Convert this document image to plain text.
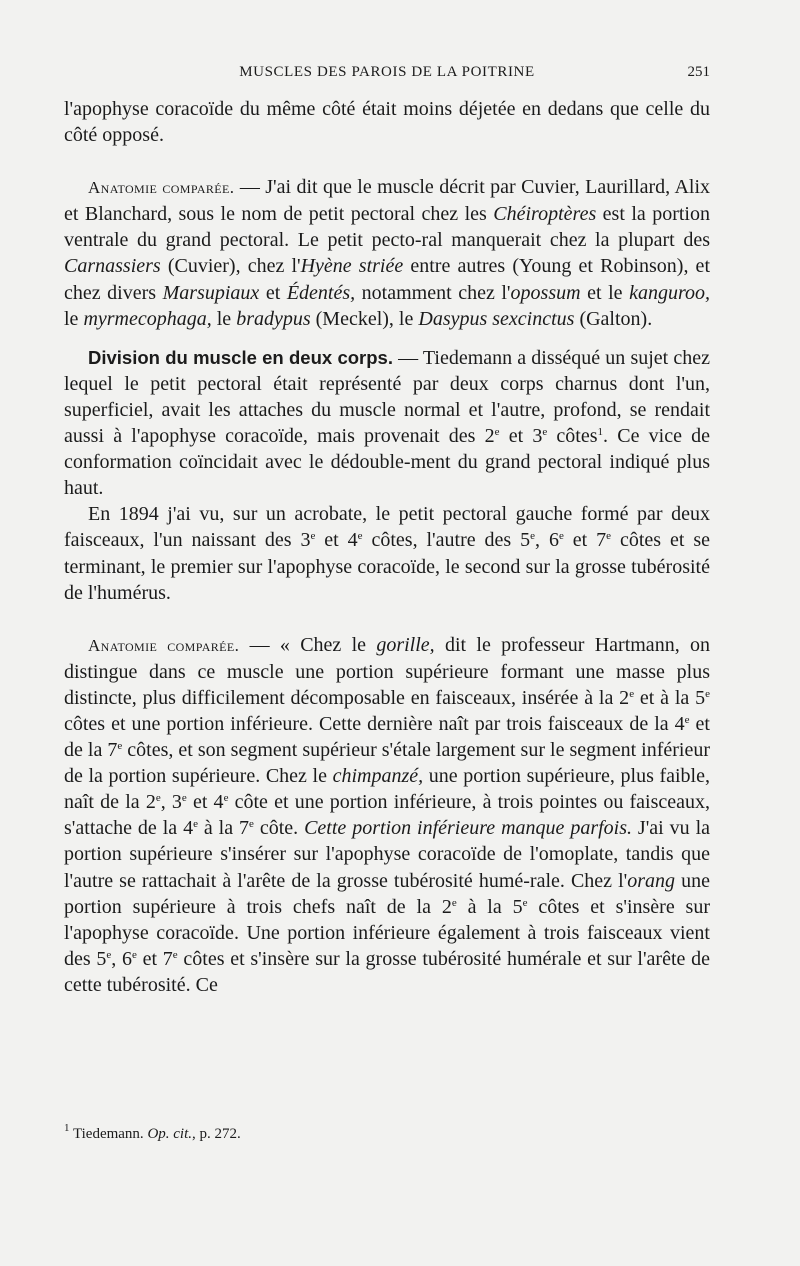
MUSCLES DES PAROIS DE LA POITRINE	251

l'apophyse coracoïde du même côté était moins déjetée en dedans que celle du côté opposé.

Anatomie comparée. — J'ai dit que le muscle décrit par Cuvier, Laurillard, Alix et Blanchard, sous le nom de petit pectoral chez les Chéiroptères est la portion ventrale du grand pectoral. Le petit pecto-ral manquerait chez la plupart des Carnassiers (Cuvier), chez l'Hyène striée entre autres (Young et Robinson), et chez divers Marsupiaux et Édentés, notamment chez l'opossum et le kanguroo, le myrmecophaga, le bradypus (Meckel), le Dasypus sexcinctus (Galton).

Division du muscle en deux corps. — Tiedemann a disséqué un sujet chez lequel le petit pectoral était représenté par deux corps charnus dont l'un, superficiel, avait les attaches du muscle normal et l'autre, profond, se rendait aussi à l'apophyse coracoïde, mais provenait des 2e et 3e côtes$^1$. Ce vice de conformation coïncidait avec le dédouble-ment du grand pectoral indiqué plus haut.

En 1894 j'ai vu, sur un acrobate, le petit pectoral gauche formé par deux faisceaux, l'un naissant des 3e et 4e côtes, l'autre des 5e, 6e et 7e côtes et se terminant, le premier sur l'apophyse coracoïde, le second sur la grosse tubérosité de l'humérus.

Anatomie comparée. — « Chez le gorille, dit le professeur Hartmann, on distingue dans ce muscle une portion supérieure formant une masse plus distincte, plus difficilement décomposable en faisceaux, insérée à la 2e et à la 5e côtes et une portion inférieure. Cette dernière naît par trois faisceaux de la 4e et de la 7e côtes, et son segment supérieur s'étale largement sur le segment inférieur de la portion supérieure. Chez le chimpanzé, une portion supérieure, plus faible, naît de la 2e, 3e et 4e côte et une portion inférieure, à trois pointes ou faisceaux, s'attache de la 4e à la 7e côte. Cette portion inférieure manque parfois. J'ai vu la portion supérieure s'insérer sur l'apophyse coracoïde de l'omoplate, tandis que l'autre se rattachait à l'arête de la grosse tubérosité humé-rale. Chez l'orang une portion supérieure à trois chefs naît de la 2e à la 5e côtes et s'insère sur l'apophyse coracoïde. Une portion inférieure également à trois faisceaux vient des 5e, 6e et 7e côtes et s'insère sur la grosse tubérosité humérale et sur l'arête de cette tubérosité. Ce

$^1$ Tiedemann. Op. cit., p. 272.
